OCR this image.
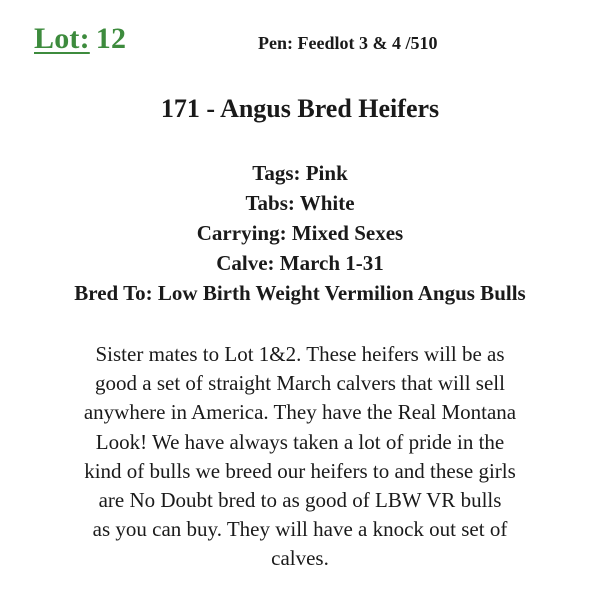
Lot: 12	Pen: Feedlot 3 & 4 /510
171 - Angus Bred Heifers
Tags: Pink
Tabs: White
Carrying: Mixed Sexes
Calve: March 1-31
Bred To: Low Birth Weight Vermilion Angus Bulls
Sister mates to Lot 1&2. These heifers will be as
good a set of straight March calvers that will sell
anywhere in America. They have the Real Montana
Look! We have always taken a lot of pride in the
kind of bulls we breed our heifers to and these girls
are No Doubt bred to as good of LBW VR bulls
as you can buy. They will have a knock out set of
calves.
